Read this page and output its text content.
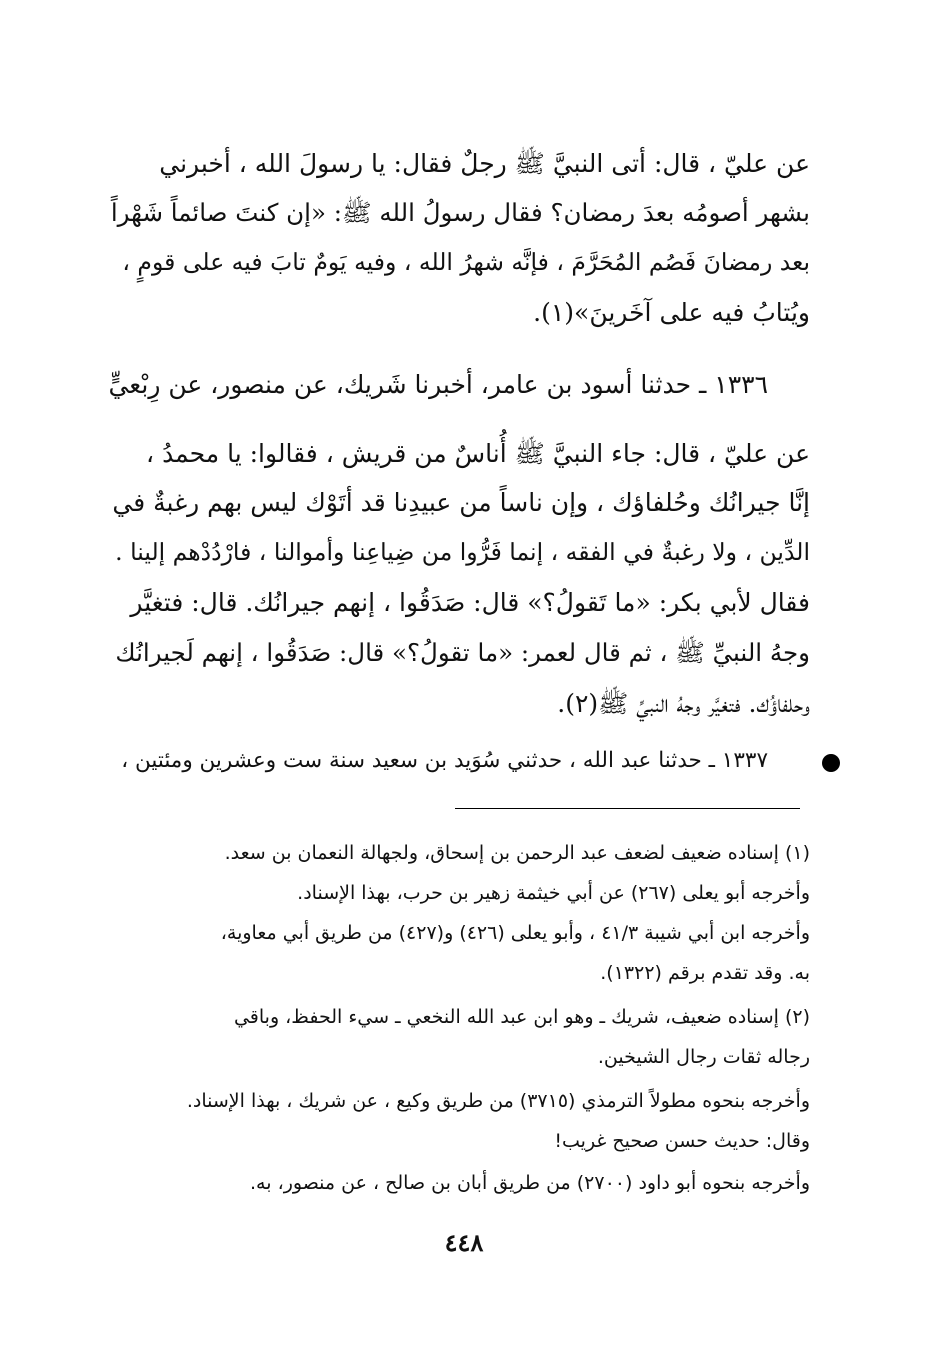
عن عليّ ، قال: أتى النبيَّ ﷺ رجلٌ فقال: يا رسولَ الله ، أخبرني
بشهر أصومُه بعدَ رمضان؟ فقال رسولُ الله ﷺ: «إن كنتَ صائماً شَهْراً
بعد رمضانَ فَصُم المُحَرَّمَ ، فإنَّه شهرُ الله ، وفيه يَومٌ تابَ فيه على قومٍ ،
ويُتابُ فيه على آخَرينَ»(١).
١٣٣٦ ـ حدثنا أسود بن عامر، أخبرنا شَريك، عن منصور، عن رِبْعيٍّ
عن عليّ ، قال: جاء النبيَّ ﷺ أُناسٌ من قريش ، فقالوا: يا محمدُ ،
إنَّا جيرانُك وحُلفاؤك ، وإن ناساً من عبيدِنا قد أتَوْك ليس بهم رغبةٌ في
الدِّين ، ولا رغبةٌ في الفقه ، إنما فَرُّوا من ضِياعِنا وأموالنا ، فارْدُدْهم إلينا .
فقال لأبي بكر: «ما تَقولُ؟» قال: صَدَقُوا ، إنهم جيرانُك. قال: فتغيَّر
وجهُ النبيِّ ﷺ ، ثم قال لعمر: «ما تقولُ؟» قال: صَدَقُوا ، إنهم لَجيرانُك
وحلفاؤُك. فتغيَّر وجهُ النبيِّ ﷺ(٢).
١٣٣٧ ـ حدثنا عبد الله ، حدثني سُوَيد بن سعيد سنة ست وعشرين ومئتين ،
(١) إسناده ضعيف لضعف عبد الرحمن بن إسحاق، ولجهالة النعمان بن سعد.
وأخرجه أبو يعلى (٢٦٧) عن أبي خيثمة زهير بن حرب، بهذا الإسناد.
وأخرجه ابن أبي شيبة ٤١/٣ ، وأبو يعلى (٤٢٦) و(٤٢٧) من طريق أبي معاوية،
به. وقد تقدم برقم (١٣٢٢).
(٢) إسناده ضعيف، شريك ـ وهو ابن عبد الله النخعي ـ سيء الحفظ، وباقي
رجاله ثقات رجال الشيخين.
وأخرجه بنحوه مطولاً الترمذي (٣٧١٥) من طريق وكيع ، عن شريك ، بهذا الإسناد.
وقال: حديث حسن صحيح غريب!
وأخرجه بنحوه أبو داود (٢٧٠٠) من طريق أبان بن صالح ، عن منصور، به.
٤٤٨
